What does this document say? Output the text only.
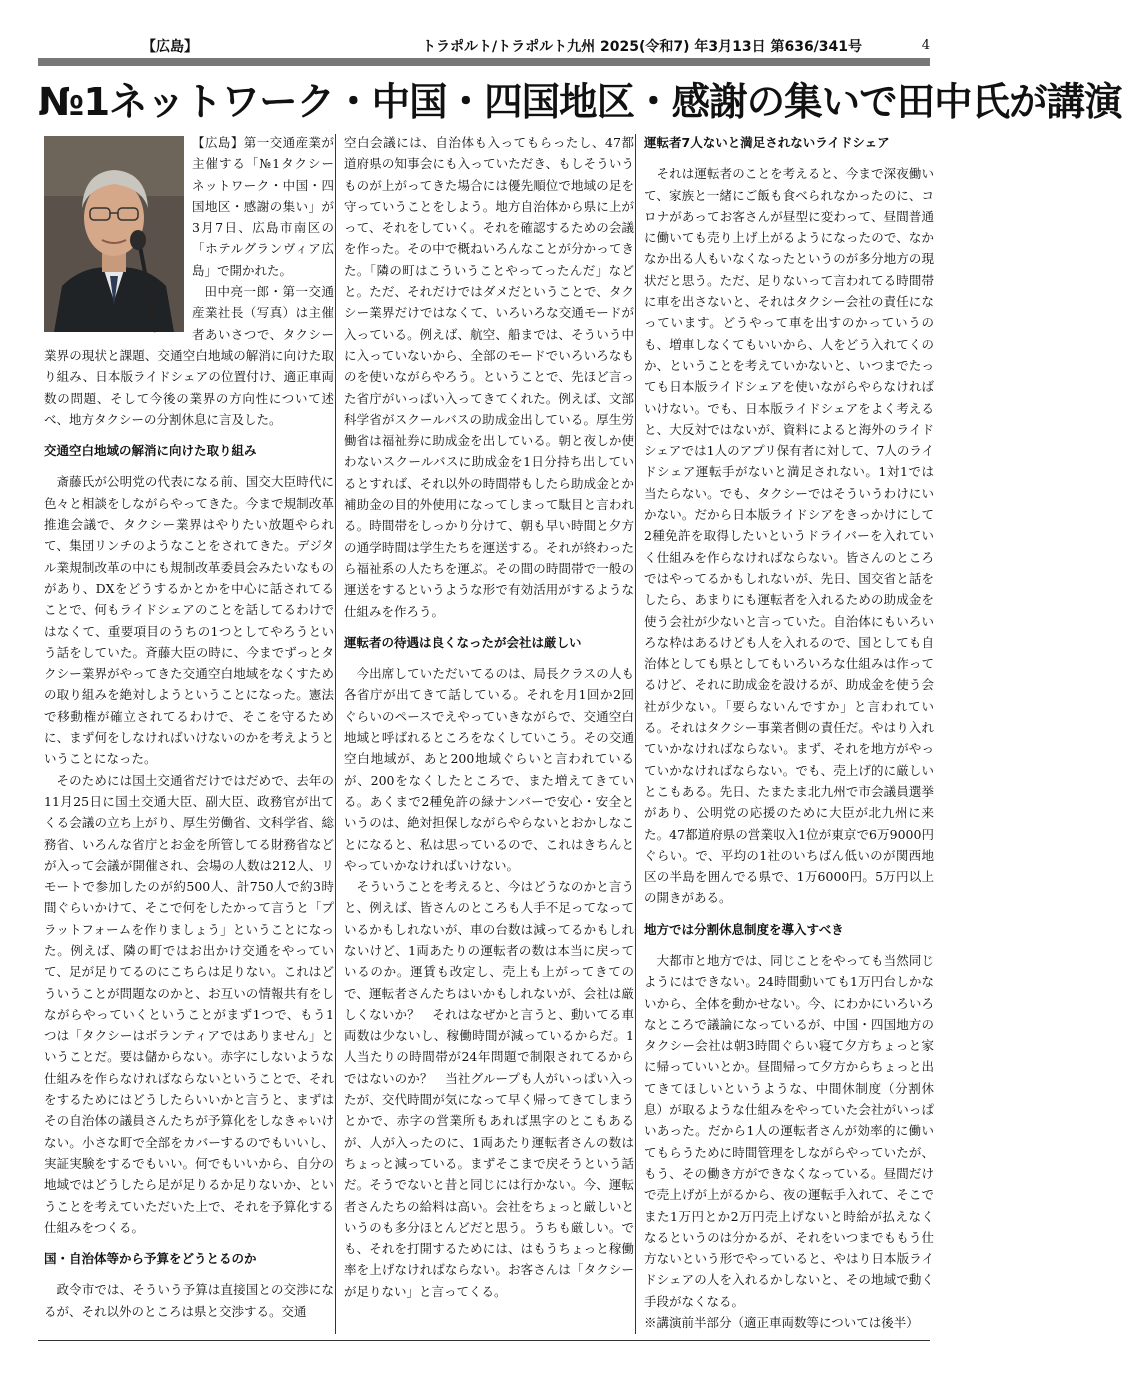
【広島】	トラポルト/トラポルト九州 2025(令和7) 年3月13日 第636/341号	4
№1ネットワーク・中国・四国地区・感謝の集いで田中氏が講演

【広島】第一交通産業が主催する「№1タクシーネットワーク・中国・四国地区・感謝の集い」が3月7日、広島市南区の「ホテルグランヴィア広島」で開かれた。

田中亮一郎・第一交通産業社長（写真）は主催者あいさつで、タクシー業界の現状と課題、交通空白地域の解消に向けた取り組み、日本版ライドシェアの位置付け、適正車両数の問題、そして今後の業界の方向性について述べ、地方タクシーの分割休息に言及した。

交通空白地域の解消に向けた取り組み

斎藤氏が公明党の代表になる前、国交大臣時代に色々と相談をしながらやってきた。今まで規制改革推進会議で、タクシー業界はやりたい放題やられて、集団リンチのようなことをされてきた。デジタル業規制改革の中にも規制改革委員会みたいなものがあり、DXをどうするかとかを中心に話されてることで、何もライドシェアのことを話してるわけではなくて、重要項目のうちの1つとしてやろうという話をしていた。斉藤大臣の時に、今までずっとタクシー業界がやってきた交通空白地域をなくすための取り組みを絶対しようということになった。憲法で移動権が確立されてるわけで、そこを守るために、まず何をしなければいけないのかを考えようということになった。

そのためには国土交通省だけではだめで、去年の11月25日に国土交通大臣、副大臣、政務官が出てくる会議の立ち上がり、厚生労働省、文科学省、総務省、いろんな省庁とお金を所管してる財務省などが入って会議が開催され、会場の人数は212人、リモートで参加したのが約500人、計750人で約3時間ぐらいかけて、そこで何をしたかって言うと「プラットフォームを作りましょう」ということになった。例えば、隣の町ではお出かけ交通をやっていて、足が足りてるのにこちらは足りない。これはどういうことが問題なのかと、お互いの情報共有をしながらやっていくということがまず1つで、もう1つは「タクシーはボランティアではありません」ということだ。要は儲からない。赤字にしないような仕組みを作らなければならないということで、それをするためにはどうしたらいいかと言うと、まずはその自治体の議員さんたちが予算化をしなきゃいけない。小さな町で全部をカバーするのでもいいし、実証実験をするでもいい。何でもいいから、自分の地域ではどうしたら足が足りるか足りないか、ということを考えていただいた上で、それを予算化する仕組みをつくる。

国・自治体等から予算をどうとるのか

政令市では、そういう予算は直接国との交渉になるが、それ以外のところは県と交渉する。交通

空白会議には、自治体も入ってもらったし、47都道府県の知事会にも入っていただき、もしそういうものが上がってきた場合には優先順位で地域の足を守っていうことをしよう。地方自治体から県に上がって、それをしていく。それを確認するための会議を作った。その中で概ねいろんなことが分かってきた。「隣の町はこういうことやってったんだ」などと。ただ、それだけではダメだということで、タクシー業界だけではなくて、いろいろな交通モードが入っている。例えば、航空、船までは、そういう中に入っていないから、全部のモードでいろいろなものを使いながらやろう。ということで、先ほど言った省庁がいっぱい入ってきてくれた。例えば、文部科学省がスクールバスの助成金出している。厚生労働省は福祉券に助成金を出している。朝と夜しか使わないスクールバスに助成金を1日分持ち出しているとすれば、それ以外の時間帯もしたら助成金とか補助金の目的外使用になってしまって駄目と言われる。時間帯をしっかり分けて、朝も早い時間と夕方の通学時間は学生たちを運送する。それが終わったら福祉系の人たちを運ぶ。その間の時間帯で一般の運送をするというような形で有効活用がするような仕組みを作ろう。

運転者の待遇は良くなったが会社は厳しい

今出席していただいてるのは、局長クラスの人も各省庁が出てきて話している。それを月1回か2回ぐらいのペースでえやっていきながらで、交通空白地域と呼ばれるところをなくしていこう。その交通空白地域が、あと200地域ぐらいと言われているが、200をなくしたところで、また増えてきている。あくまで2種免許の緑ナンバーで安心・安全というのは、絶対担保しながらやらないとおかしなことになると、私は思っているので、これはきちんとやっていかなければいけない。

そういうことを考えると、今はどうなのかと言うと、例えば、皆さんのところも人手不足ってなっているかもしれないが、車の台数は減ってるかもしれないけど、1両あたりの運転者の数は本当に戻っているのか。運賃も改定し、売上も上がってきてので、運転者さんたちはいかもしれないが、会社は厳しくないか？　それはなぜかと言うと、動いてる車両数は少ないし、稼働時間が減っているからだ。1人当たりの時間帯が24年問題で制限されてるからではないのか？　当社グループも人がいっぱい入ったが、交代時間が気になって早く帰ってきてしまうとかで、赤字の営業所もあれば黒字のとこもあるが、人が入ったのに、1両あたり運転者さんの数はちょっと減っている。まずそこまで戻そうという話だ。そうでないと昔と同じには行かない。今、運転者さんたちの給料は高い。会社をちょっと厳しいというのも多分ほとんどだと思う。うちも厳しい。でも、それを打開するためには、はもうちょっと稼働率を上げなければならない。お客さんは「タクシーが足りない」と言ってくる。

運転者7人ないと満足されないライドシェア

それは運転者のことを考えると、今まで深夜働いて、家族と一緒にご飯も食べられなかったのに、コロナがあってお客さんが昼型に変わって、昼間普通に働いても売り上げ上がるようになったので、なかなか出る人もいなくなったというのが多分地方の現状だと思う。ただ、足りないって言われてる時間帯に車を出さないと、それはタクシー会社の責任になっています。どうやって車を出すのかっていうのも、増車しなくてもいいから、人をどう入れてくのか、ということを考えていかないと、いつまでたっても日本版ライドシェアを使いながらやらなければいけない。でも、日本版ライドシェアをよく考えると、大反対ではないが、資料によると海外のライドシェアでは1人のアプリ保有者に対して、7人のライドシェア運転手がないと満足されない。1対1では当たらない。でも、タクシーではそういうわけにいかない。だから日本版ライドシアをきっかけにして2種免許を取得したいというドライバーを入れていく仕組みを作らなければならない。皆さんのところではやってるかもしれないが、先日、国交省と話をしたら、あまりにも運転者を入れるための助成金を使う会社が少ないと言っていた。自治体にもいろいろな枠はあるけども人を入れるので、国としても自治体としても県としてもいろいろな仕組みは作ってるけど、それに助成金を設けるが、助成金を使う会社が少ない。「要らないんですか」と言われている。それはタクシー事業者側の責任だ。やはり入れていかなければならない。まず、それを地方がやっていかなければならない。でも、売上げ的に厳しいとこもある。先日、たまたま北九州で市会議員選挙があり、公明党の応援のために大臣が北九州に来た。47都道府県の営業収入1位が東京で6万9000円ぐらい。で、平均の1社のいちばん低いのが関西地区の半島を囲んでる県で、1万6000円。5万円以上の開きがある。

地方では分割休息制度を導入すべき

大都市と地方では、同じことをやっても当然同じようにはできない。24時間動いても1万円台しかないから、全体を動かせない。今、にわかにいろいろなところで議論になっているが、中国・四国地方のタクシー会社は朝3時間ぐらい寝て夕方ちょっと家に帰っていいとか。昼間帰って夕方からちょっと出てきてほしいというような、中間休制度（分割休息）が取るような仕組みをやっていた会社がいっぱいあった。だから1人の運転者さんが効率的に働いてもらうために時間管理をしながらやっていたが、もう、その働き方ができなくなっている。昼間だけで売上げが上がるから、夜の運転手入れて、そこでまた1万円とか2万円売上げないと時給が払えなくなるというのは分かるが、それをいつまでももう仕方ないという形でやっていると、やはり日本版ライドシェアの人を入れるかしないと、その地域で動く手段がなくなる。

※講演前半部分（適正車両数等については後半）
